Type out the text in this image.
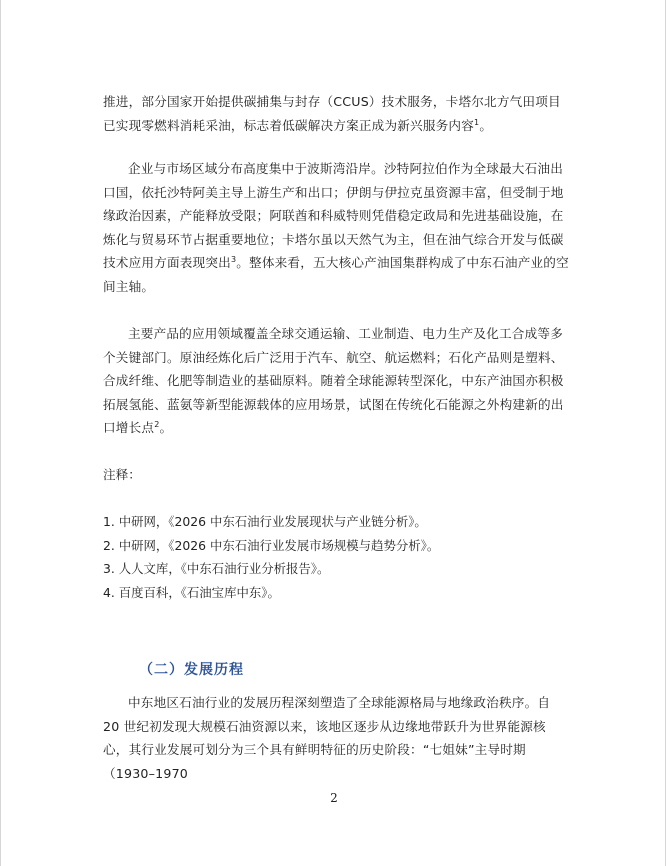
推进，部分国家开始提供碳捕集与封存（CCUS）技术服务，卡塔尔北方气田项目已实现零燃料消耗采油，标志着低碳解决方案正成为新兴服务内容$^1$。

企业与市场区域分布高度集中于波斯湾沿岸。沙特阿拉伯作为全球最大石油出口国，依托沙特阿美主导上游生产和出口；伊朗与伊拉克虽资源丰富，但受制于地缘政治因素，产能释放受限；阿联酋和科威特则凭借稳定政局和先进基础设施，在炼化与贸易环节占据重要地位；卡塔尔虽以天然气为主，但在油气综合开发与低碳技术应用方面表现突出$^3$。整体来看，五大核心产油国集群构成了中东石油产业的空间主轴。

主要产品的应用领域覆盖全球交通运输、工业制造、电力生产及化工合成等多个关键部门。原油经炼化后广泛用于汽车、航空、航运燃料；石化产品则是塑料、合成纤维、化肥等制造业的基础原料。随着全球能源转型深化，中东产油国亦积极拓展氢能、蓝氨等新型能源载体的应用场景，试图在传统化石能源之外构建新的出口增长点$^2$。

注释：

1. 中研网，《2026 中东石油行业发展现状与产业链分析》。

2. 中研网，《2026 中东石油行业发展市场规模与趋势分析》。

3. 人人文库，《中东石油行业分析报告》。

4. 百度百科，《石油宝库中东》。

（二）发展历程

中东地区石油行业的发展历程深刻塑造了全球能源格局与地缘政治秩序。自 20 世纪初发现大规模石油资源以来，该地区逐步从边缘地带跃升为世界能源核心，其行业发展可划分为三个具有鲜明特征的历史阶段：“七姐妹”主导时期（1930–1970

2
